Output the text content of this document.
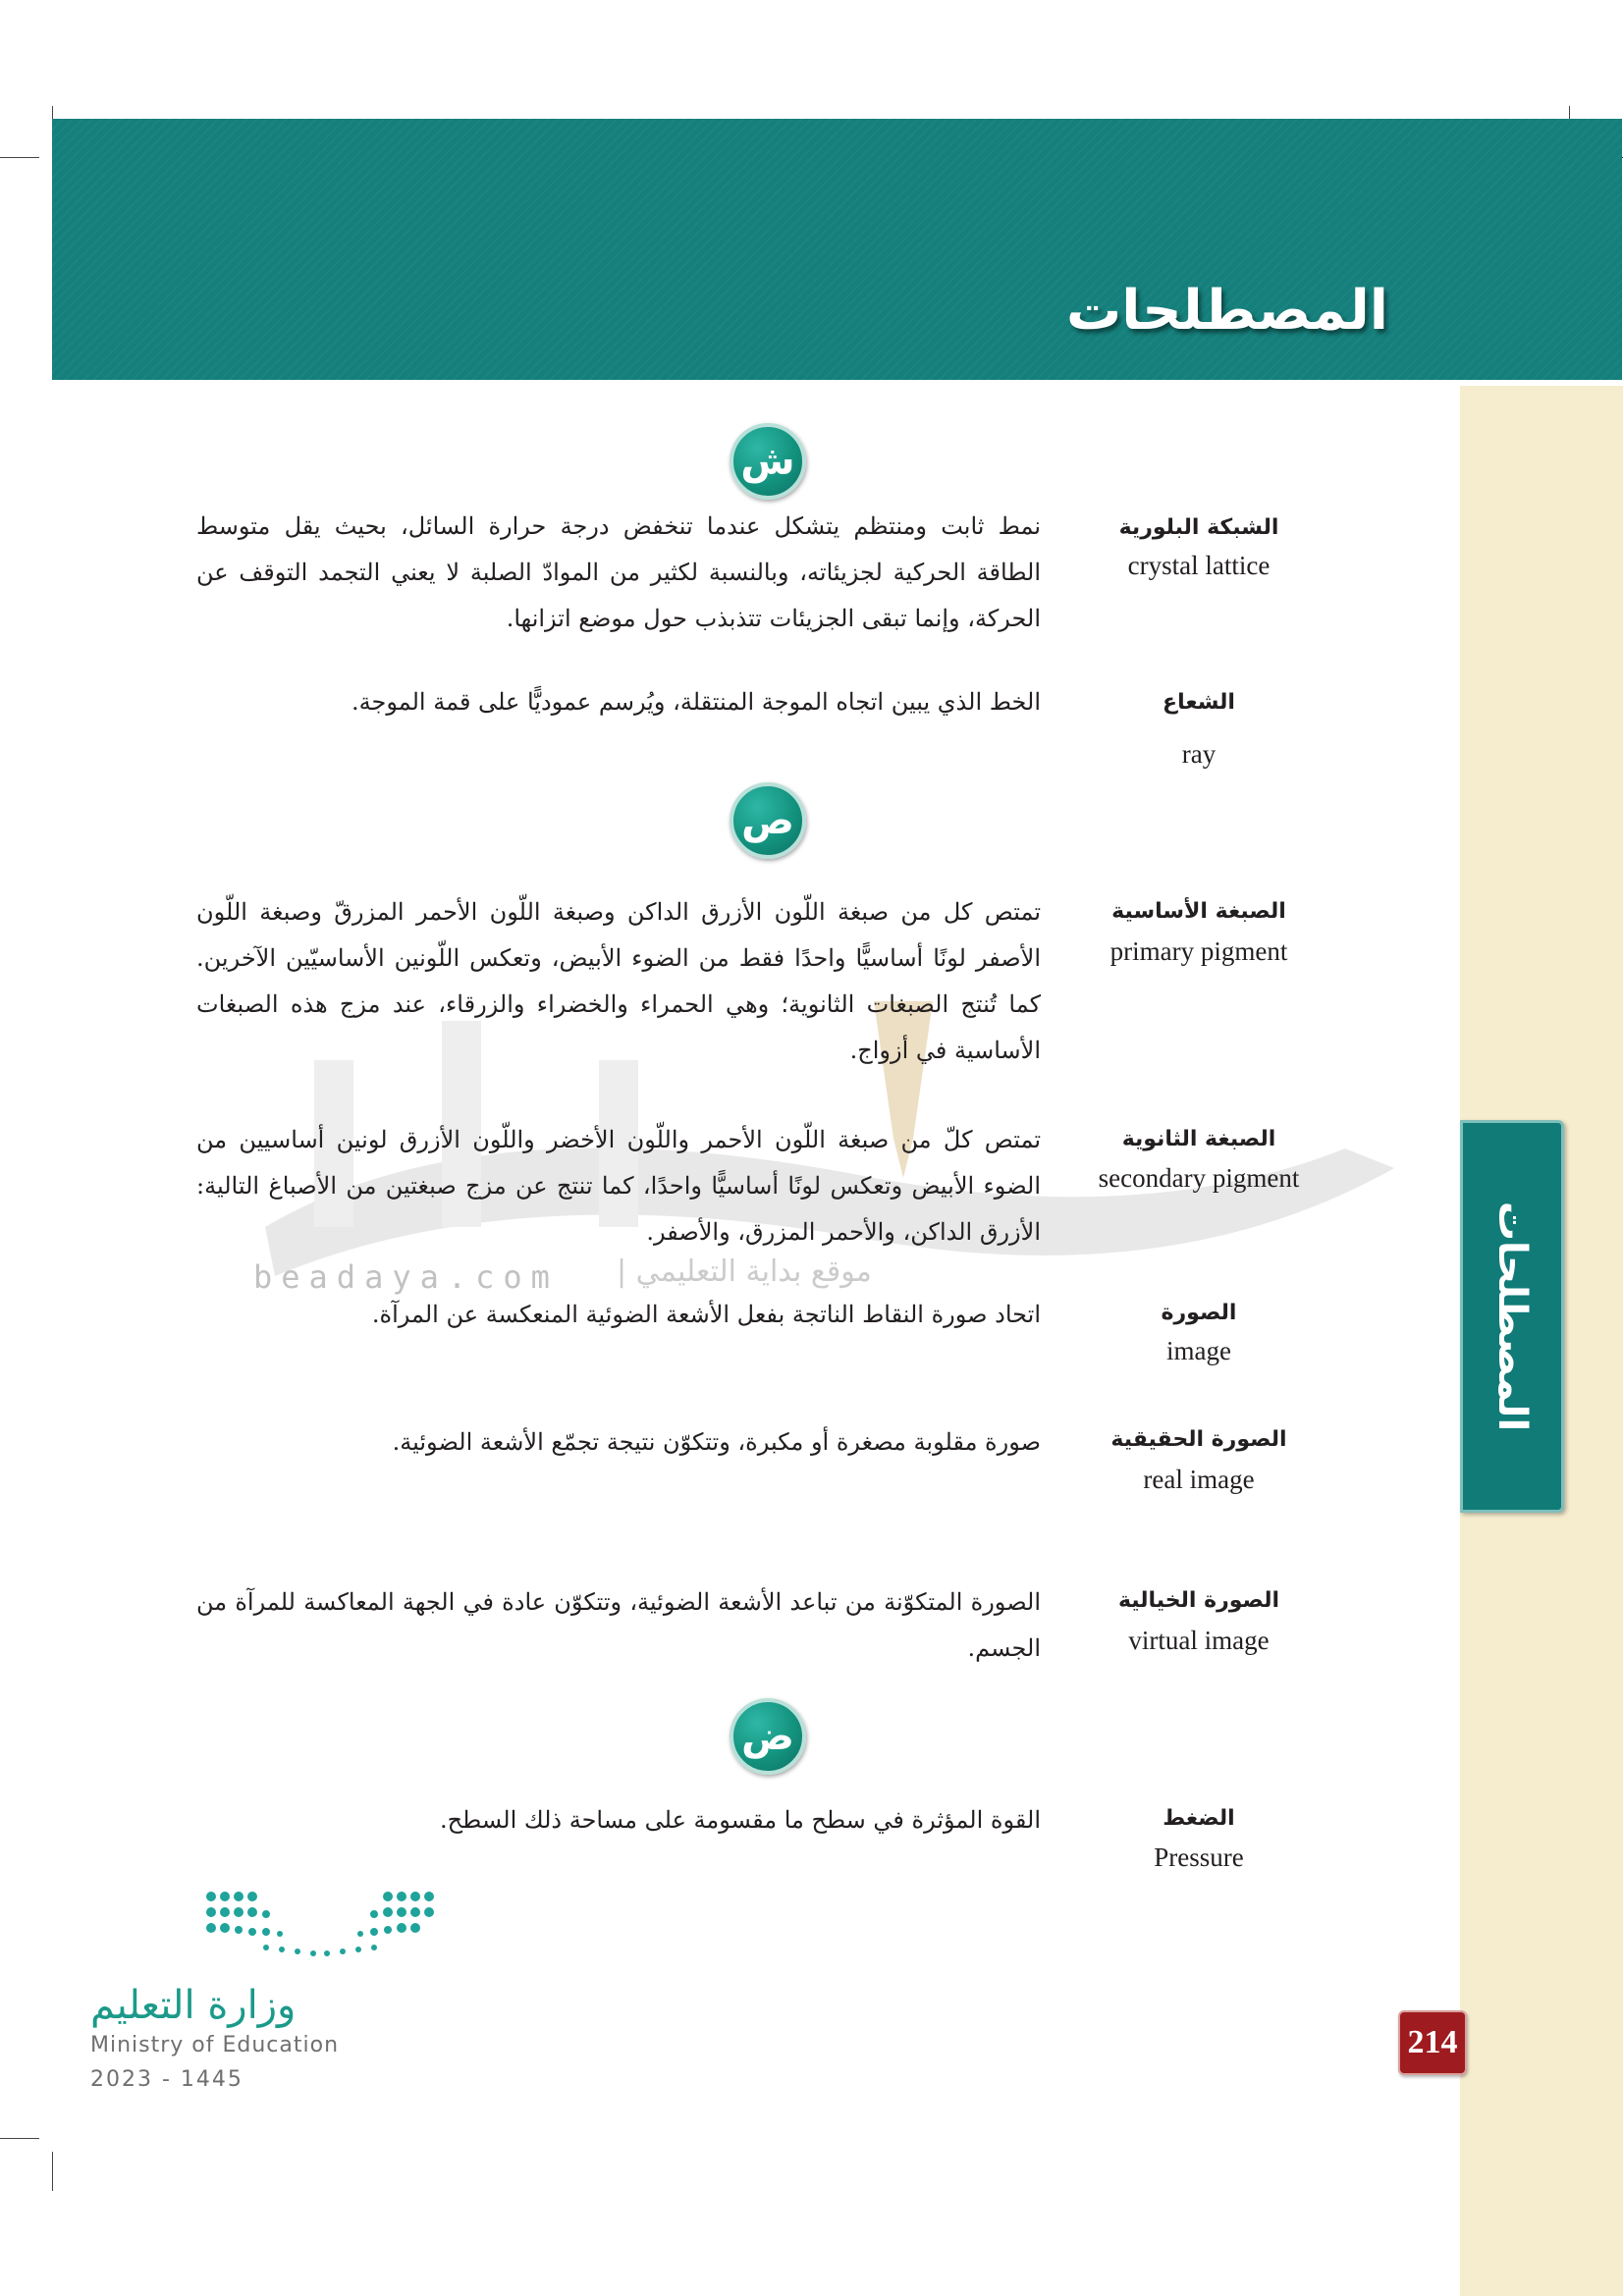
المصطلحات
المصطلحات
beadaya.com موقع بداية التعليمي |
ش
ص
ض
الشبكة البلورية
crystal lattice
نمط ثابت ومنتظم يتشكل عندما تنخفض درجة حرارة السائل، بحيث يقل متوسط الطاقة الحركية لجزيئاته، وبالنسبة لكثير من الموادّ الصلبة لا يعني التجمد التوقف عن الحركة، وإنما تبقى الجزيئات تتذبذب حول موضع اتزانها.
الشعاع
ray
الخط الذي يبين اتجاه الموجة المنتقلة، ويُرسم عموديًّا على قمة الموجة.
الصبغة الأساسية
primary pigment
تمتص كل من صبغة اللّون الأزرق الداكن وصبغة اللّون الأحمر المزرقّ وصبغة اللّون الأصفر لونًا أساسيًّا واحدًا فقط من الضوء الأبيض، وتعكس اللّونين الأساسيّين الآخرين. كما تُنتج الصبغات الثانوية؛ وهي الحمراء والخضراء والزرقاء، عند مزج هذه الصبغات الأساسية في أزواج.
الصبغة الثانوية
secondary pigment
تمتص كلّ من صبغة اللّون الأحمر واللّون الأخضر واللّون الأزرق لونين أساسيين من الضوء الأبيض وتعكس لونًا أساسيًّا واحدًا، كما تنتج عن مزج صبغتين من الأصباغ التالية: الأزرق الداكن، والأحمر المزرق، والأصفر.
الصورة
image
اتحاد صورة النقاط الناتجة بفعل الأشعة الضوئية المنعكسة عن المرآة.
الصورة الحقيقية
real image
صورة مقلوبة مصغرة أو مكبرة، وتتكوّن نتيجة تجمّع الأشعة الضوئية.
الصورة الخيالية
virtual image
الصورة المتكوّنة من تباعد الأشعة الضوئية، وتتكوّن عادة في الجهة المعاكسة للمرآة من الجسم.
الضغط
Pressure
القوة المؤثرة في سطح ما مقسومة على مساحة ذلك السطح.
وزارة التعليم
Ministry of Education
2023 - 1445
214
